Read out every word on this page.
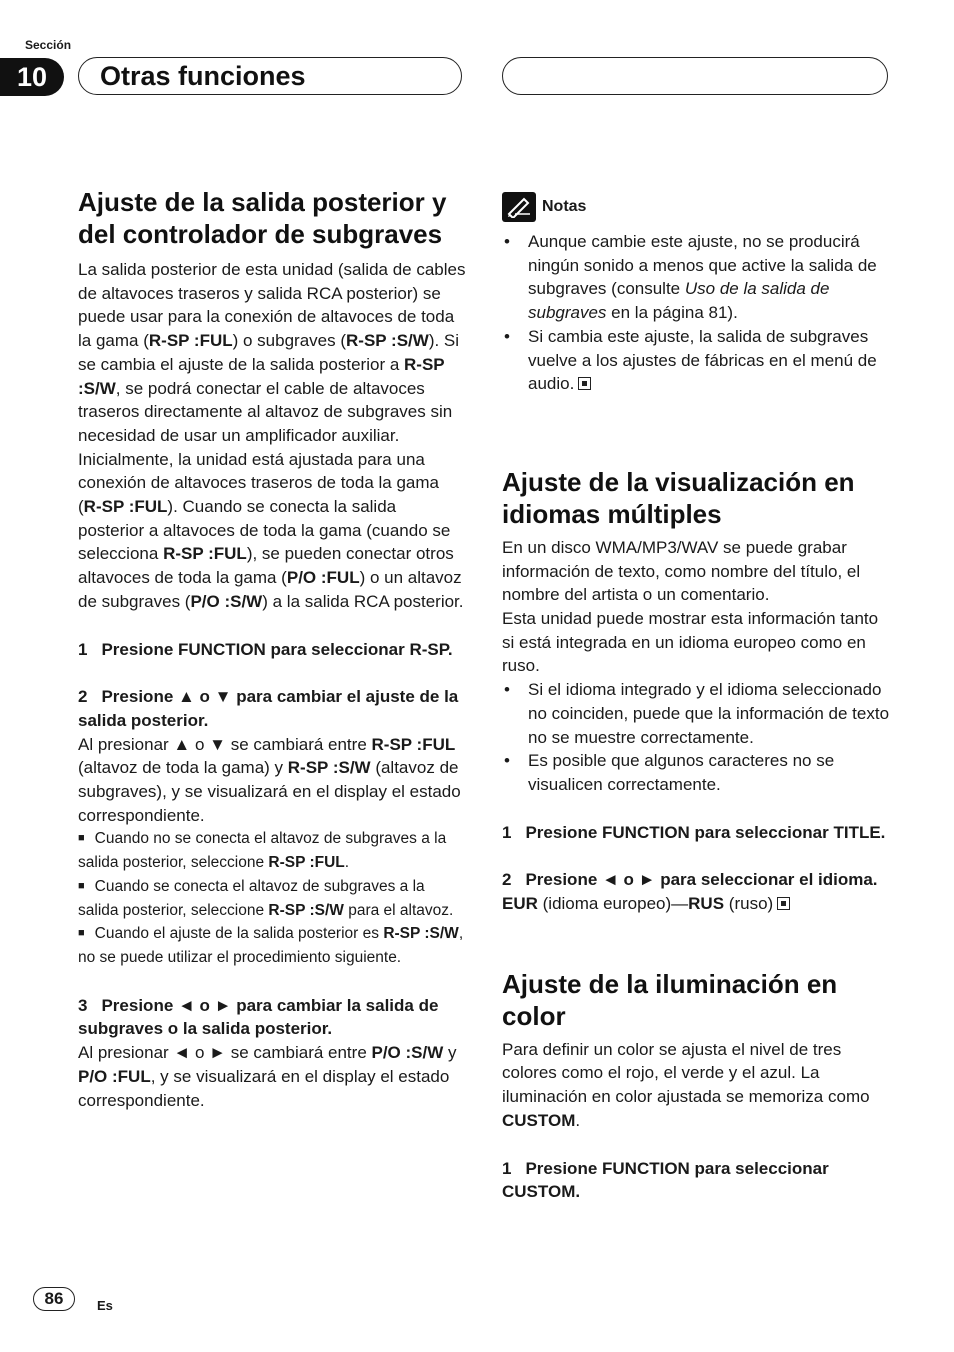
Sección
10	Otras funciones
Ajuste de la salida posterior y del controlador de subgraves

La salida posterior de esta unidad (salida de cables de altavoces traseros y salida RCA posterior) se puede usar para la conexión de altavoces de toda la gama (R-SP :FUL) o subgraves (R-SP :S/W). Si se cambia el ajuste de la salida posterior a R-SP :S/W, se podrá conectar el cable de altavoces traseros directamente al altavoz de subgraves sin necesidad de usar un amplificador auxiliar.

Inicialmente, la unidad está ajustada para una conexión de altavoces traseros de toda la gama (R-SP :FUL). Cuando se conecta la salida posterior a altavoces de toda la gama (cuando se selecciona R-SP :FUL), se pueden conectar otros altavoces de toda la gama (P/O :FUL) o un altavoz de subgraves (P/O :S/W) a la salida RCA posterior.

1 Presione FUNCTION para seleccionar R-SP.

2 Presione ▲ o ▼ para cambiar el ajuste de la salida posterior.

Al presionar ▲ o ▼ se cambiará entre R-SP :FUL (altavoz de toda la gama) y R-SP :S/W (altavoz de subgraves), y se visualizará en el display el estado correspondiente.

■ Cuando no se conecta el altavoz de subgraves a la salida posterior, seleccione R-SP :FUL.

■ Cuando se conecta el altavoz de subgraves a la salida posterior, seleccione R-SP :S/W para el altavoz.

■ Cuando el ajuste de la salida posterior es R-SP :S/W, no se puede utilizar el procedimiento siguiente.

3 Presione ◄ o ► para cambiar la salida de subgraves o la salida posterior.

Al presionar ◄ o ► se cambiará entre P/O :S/W y P/O :FUL, y se visualizará en el display el estado correspondiente.

Notas
• Aunque cambie este ajuste, no se producirá ningún sonido a menos que active la salida de subgraves (consulte Uso de la salida de subgraves en la página 81).
• Si cambia este ajuste, la salida de subgraves vuelve a los ajustes de fábricas en el menú de audio.
Ajuste de la visualización en idiomas múltiples

En un disco WMA/MP3/WAV se puede grabar información de texto, como nombre del título, el nombre del artista o un comentario.

Esta unidad puede mostrar esta información tanto si está integrada en un idioma europeo como en ruso.

• Si el idioma integrado y el idioma seleccionado no coinciden, puede que la información de texto no se muestre correctamente.
• Es posible que algunos caracteres no se visualicen correctamente.

1 Presione FUNCTION para seleccionar TITLE.

2 Presione ◄ o ► para seleccionar el idioma.

EUR (idioma europeo)—RUS (ruso)

Ajuste de la iluminación en color

Para definir un color se ajusta el nivel de tres colores como el rojo, el verde y el azul. La iluminación en color ajustada se memoriza como CUSTOM.

1 Presione FUNCTION para seleccionar CUSTOM.

86	Es
